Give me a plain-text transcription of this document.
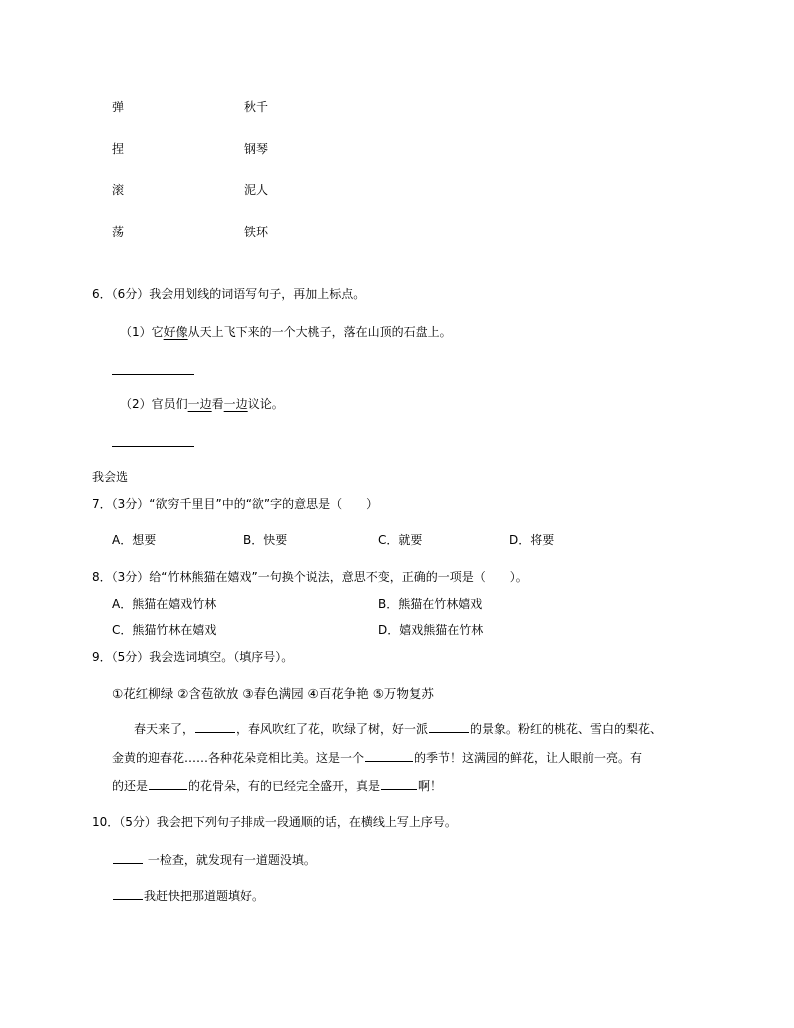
弹	秋千
捏	钢琴
滚	泥人
荡	铁环
6．（6分）我会用划线的词语写句子，再加上标点。
（1）它好像从天上飞下来的一个大桃子，落在山顶的石盘上。
（2）官员们一边看一边议论。
我会选
7．（3分）“欲穷千里目”中的“欲”字的意思是（　　）
A．想要	B．快要	C．就要	D．将要
8．（3分）给“竹林熊猫在嬉戏”一句换个说法，意思不变，正确的一项是（　　）。
A．熊猫在嬉戏竹林	B．熊猫在竹林嬉戏
C．熊猫竹林在嬉戏	D．嬉戏熊猫在竹林
9．（5分）我会选词填空。（填序号）。
①花红柳绿 ②含苞欲放 ③春色满园 ④百花争艳 ⑤万物复苏
春天来了，	，春风吹红了花，吹绿了树，好一派	的景象。粉红的桃花、雪白的梨花、
金黄的迎春花……各种花朵竞相比美。这是一个	的季节！这满园的鲜花，让人眼前一亮。有
的还是	的花骨朵，有的已经完全盛开，真是	啊！
10．（5分）我会把下列句子排成一段通顺的话，在横线上写上序号。
一检查，就发现有一道题没填。
我赶快把那道题填好。
